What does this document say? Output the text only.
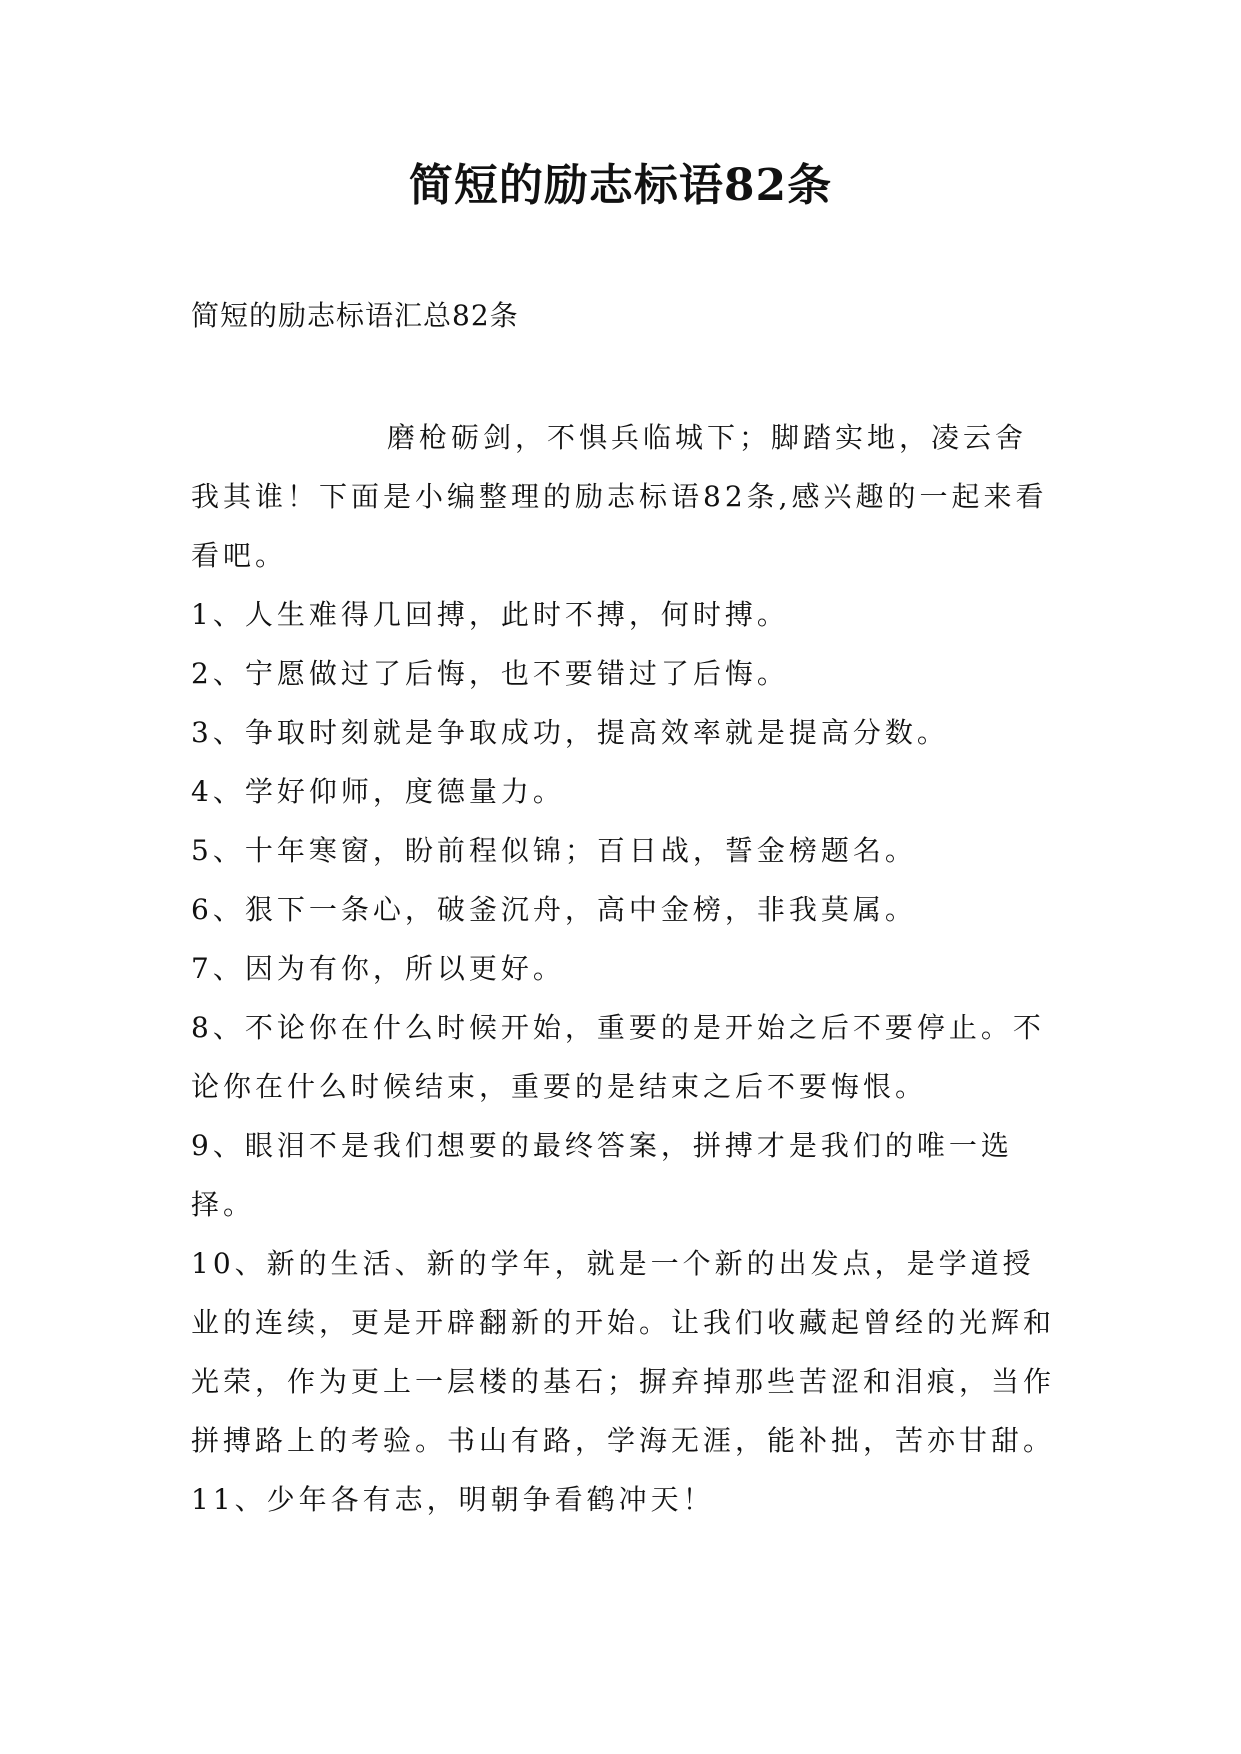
简短的励志标语82条
简短的励志标语汇总82条

磨枪砺剑，不惧兵临城下；脚踏实地，凌云舍我其谁！下面是小编整理的励志标语82条,感兴趣的一起来看看吧。

1、人生难得几回搏，此时不搏，何时搏。

2、宁愿做过了后悔，也不要错过了后悔。

3、争取时刻就是争取成功，提高效率就是提高分数。

4、学好仰师，度德量力。

5、十年寒窗，盼前程似锦；百日战，誓金榜题名。

6、狠下一条心，破釜沉舟，高中金榜，非我莫属。

7、因为有你，所以更好。

8、不论你在什么时候开始，重要的是开始之后不要停止。不论你在什么时候结束，重要的是结束之后不要悔恨。

9、眼泪不是我们想要的最终答案，拼搏才是我们的唯一选择。

10、新的生活、新的学年，就是一个新的出发点，是学道授业的连续，更是开辟翻新的开始。让我们收藏起曾经的光辉和光荣，作为更上一层楼的基石；摒弃掉那些苦涩和泪痕，当作拼搏路上的考验。书山有路，学海无涯，能补拙，苦亦甘甜。

11、少年各有志，明朝争看鹤冲天！
